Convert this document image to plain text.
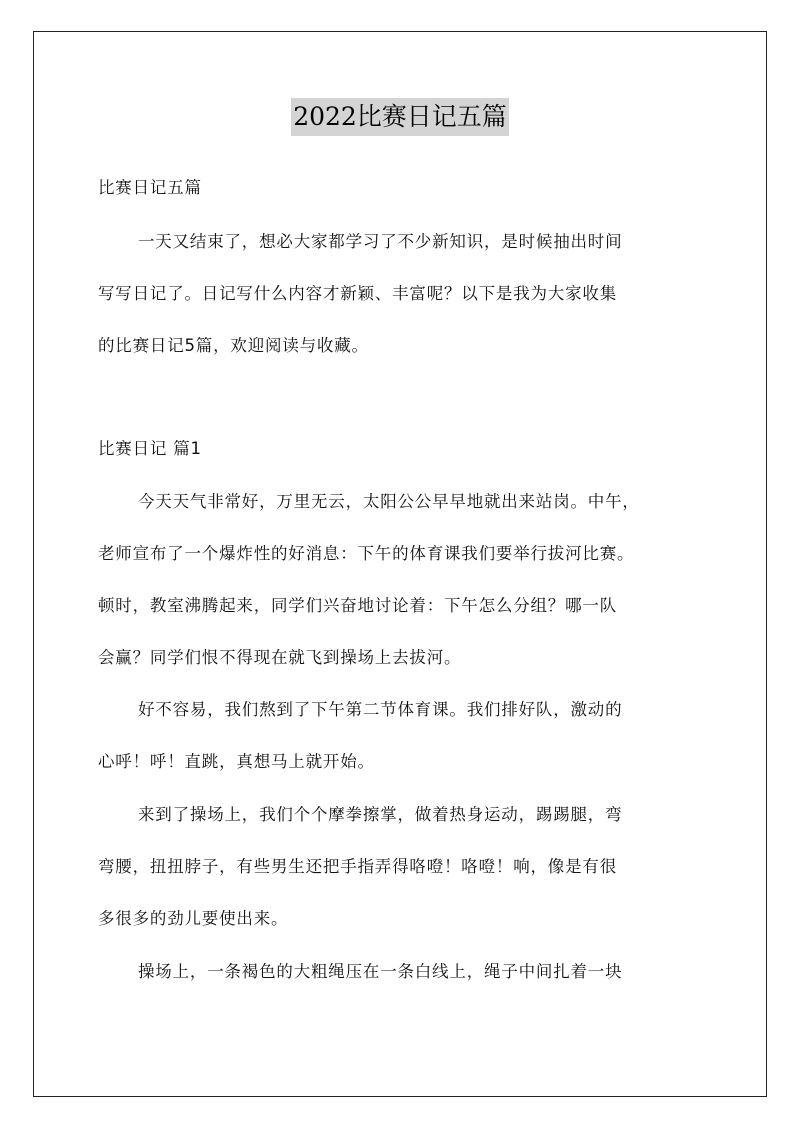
2022比赛日记五篇
比赛日记五篇
一天又结束了，想必大家都学习了不少新知识，是时候抽出时间
写写日记了。日记写什么内容才新颖、丰富呢？以下是我为大家收集
的比赛日记5篇，欢迎阅读与收藏。
比赛日记 篇1
今天天气非常好，万里无云，太阳公公早早地就出来站岗。中午，
老师宣布了一个爆炸性的好消息：下午的体育课我们要举行拔河比赛。
顿时，教室沸腾起来，同学们兴奋地讨论着：下午怎么分组？哪一队
会赢？同学们恨不得现在就飞到操场上去拔河。
好不容易，我们熬到了下午第二节体育课。我们排好队，激动的
心呼！呼！直跳，真想马上就开始。
来到了操场上，我们个个摩拳擦掌，做着热身运动，踢踢腿，弯
弯腰，扭扭脖子，有些男生还把手指弄得咯噔！咯噔！响，像是有很
多很多的劲儿要使出来。
操场上，一条褐色的大粗绳压在一条白线上，绳子中间扎着一块
